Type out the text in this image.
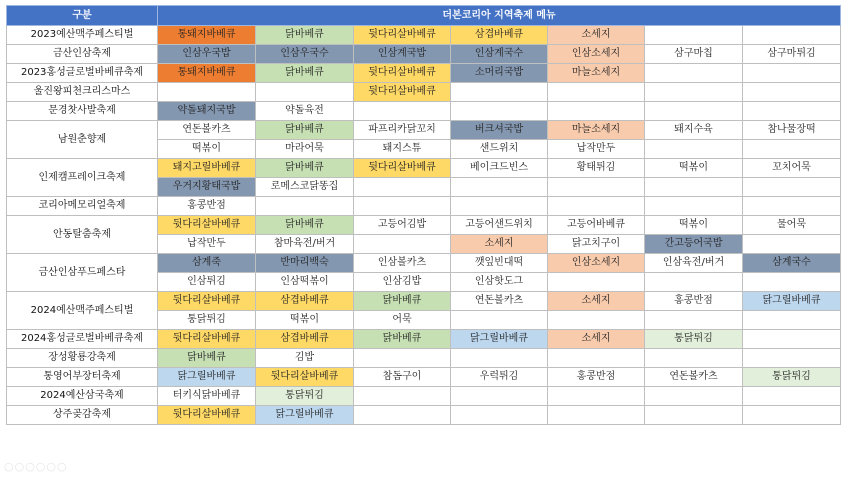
구분	더본코리아 지역축제 메뉴						
2023예산맥주페스티벌	통돼지바베큐	닭바베큐	뒷다리살바베큐	삼겹바베큐	소세지		
금산인삼축제	인삼우국밥	인삼우국수	인삼계국밥	인삼계국수	인삼소세지	삼구마칩	삼구마튀김
2023홍성글로벌바베큐축제	통돼지바베큐	닭바베큐	뒷다리살바베큐	소머리국밥	마늘소세지		
울진왕피천크리스마스			뒷다리살바베큐				
문경찻사발축제	약돌돼지국밥	약돌육전					
남원춘향제	연돈볼카츠	닭바베큐	파프리카닭꼬치	버크셔국밥	마늘소세지	돼지수육	참나물장떡
	떡볶이	마라어묵	돼지스튜	샌드위치	납작만두		
인제캠프레이크축제	돼지고릴바베큐	닭바베큐	뒷다리살바베큐	베이크드빈스	황태튀김	떡볶이	꼬치어묵
	우거지황태국밥	로메스코닭똥집					
코리아메모리얼축제	홍콩반점						
안동탈춤축제	뒷다리살바베큐	닭바베큐	고등어김밥	고등어샌드위치	고등어바베큐	떡볶이	물어묵
	납작만두	참마육전/버거		소세지	닭고치구이	간고등어국밥	
금산인삼푸드페스타	삼계죽	반마리백숙	인삼볼카츠	깻잎빈대떡	인삼소세지	인삼육전/버거	삼계국수
	인삼튀김	인삼떡볶이	인삼김밥	인삼핫도그			
2024예산맥주페스티벌	뒷다리살바베큐	삼겹바베큐	닭바베큐	연돈볼카츠	소세지	홍콩반점	닭그릴바베큐
	통닭튀김	떡볶이	어묵				
2024홍성글로벌바베큐축제	뒷다리살바베큐	삼겹바베큐	닭바베큐	닭그릴바베큐	소세지	통닭튀김	
장성황룡강축제	닭바베큐	김밥					
통영어부장터축제	닭그릴바베큐	뒷다리살바베큐	참돔구이	우럭튀김	홍콩반점	연돈볼카츠	통닭튀김
2024예산삼국축제	터키식닭바베큐	통닭튀김					
상주곶감축제	뒷다리살바베큐	닭그릴바베큐					
○○○○○○
